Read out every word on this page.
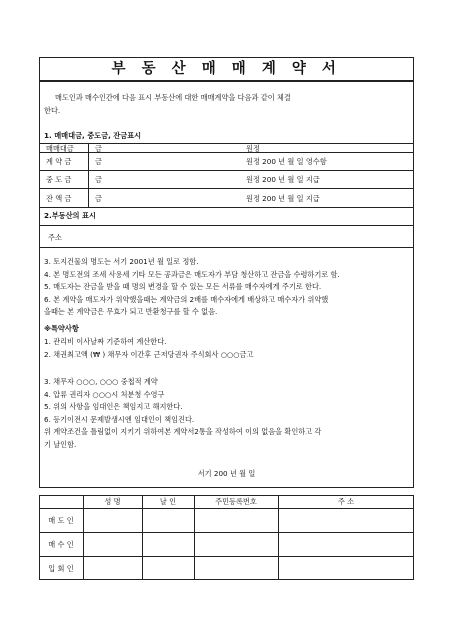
부 동 산 매 매 계 약 서
매도인과 매수인간에 다음 표시 부동산에 대한 매매계약을 다음과 같이 체결
한다.
1. 매매대금, 중도금, 잔금표시
매매대금	금	원정
계 약 금	금	원정 200 년 월 일 영수함
중 도 금	금	원정 200 년 월 일 지급
잔 액 금	금	원정 200 년 월 일 지급
2.부동산의 표시
주소
3. 토지건물의 명도는 서기 2001년 월 일로 정함.
4. 본 명도전의 조세 사용세 기타 모든 공과금은 매도자가 부담 청산하고 잔금을 수령하기로 함.
5. 매도자는 잔금을 받을 때 명의 변경을 할 수 있는 모든 서류를 매수자에게 주기로 한다.
6. 본 계약을 매도자가 위약했을때는 계약금의 2배를 매수자에게 배상하고 매수자가 위약했
을때는 본 계약금은 무효가 되고 반환청구를 할 수 없음.
※특약사항
1. 관리비 이사날짜 기준하여 계산한다.
2. 채권최고액 (₩ ) 채무자 이간후 근저당권자 주식회사 ○○○금고
3. 채무자 ○○○, ○○○ 중첩적 계약
4. 압류 권리자 ○○○시 처분청 수영구
5. 위의 사항을 임대인은 책임지고 해지한다.
6. 등기이전시 문제발생시엔 임대인이 책임진다.
위 계약조건을 틀림없이 지키기 위하여본 계약서2통을 작성하여 이의 없음을 확인하고 각
기 날인함.
서기 200 년 월 일
성 명	날 인	주민등록번호	주 소
매 도 인
매 수 인
입 회 인
